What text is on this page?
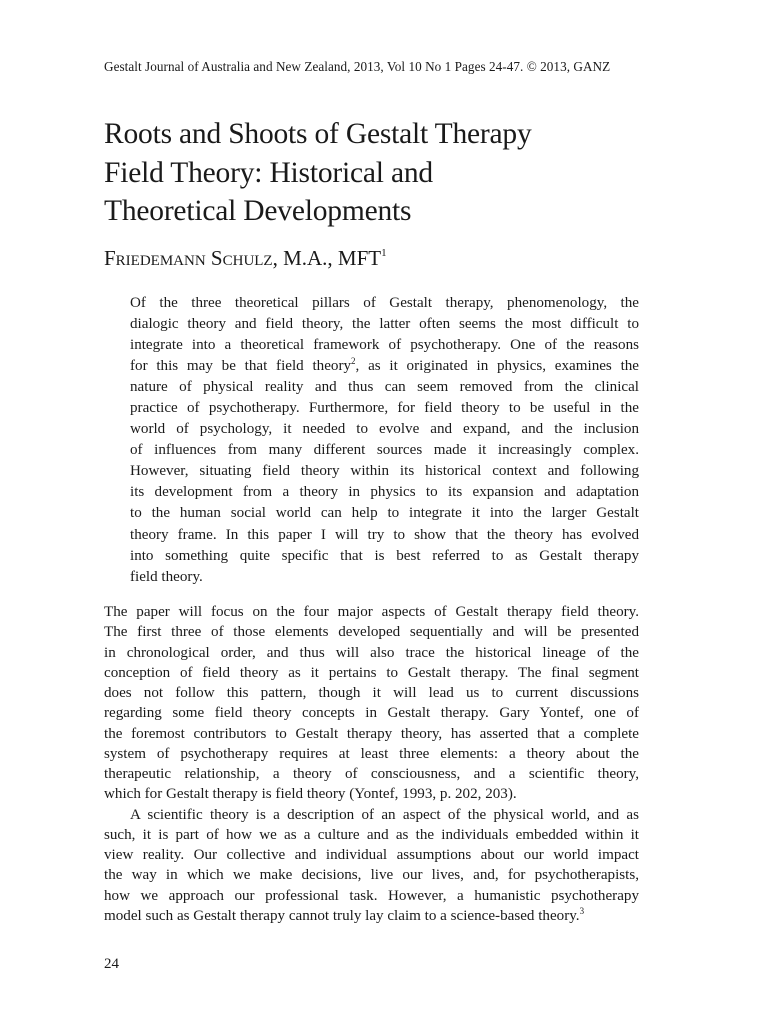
Gestalt Journal of Australia and New Zealand, 2013, Vol 10 No 1 Pages 24-47. © 2013, GANZ
Roots and Shoots of Gestalt Therapy
Field Theory: Historical and
Theoretical Developments
Friedemann Schulz, M.A., MFT$^1$
Of the three theoretical pillars of Gestalt therapy, phenomenology, the
dialogic theory and field theory, the latter often seems the most difficult to
integrate into a theoretical framework of psychotherapy. One of the reasons
for this may be that field theory$^2$, as it originated in physics, examines the
nature of physical reality and thus can seem removed from the clinical
practice of psychotherapy. Furthermore, for field theory to be useful in the
world of psychology, it needed to evolve and expand, and the inclusion
of influences from many different sources made it increasingly complex.
However, situating field theory within its historical context and following
its development from a theory in physics to its expansion and adaptation
to the human social world can help to integrate it into the larger Gestalt
theory frame. In this paper I will try to show that the theory has evolved
into something quite specific that is best referred to as Gestalt therapy
field theory.
The paper will focus on the four major aspects of Gestalt therapy field theory.
The first three of those elements developed sequentially and will be presented
in chronological order, and thus will also trace the historical lineage of the
conception of field theory as it pertains to Gestalt therapy. The final segment
does not follow this pattern, though it will lead us to current discussions
regarding some field theory concepts in Gestalt therapy. Gary Yontef, one of
the foremost contributors to Gestalt therapy theory, has asserted that a complete
system of psychotherapy requires at least three elements: a theory about the
therapeutic relationship, a theory of consciousness, and a scientific theory,
which for Gestalt therapy is field theory (Yontef, 1993, p. 202, 203).
A scientific theory is a description of an aspect of the physical world, and as
such, it is part of how we as a culture and as the individuals embedded within it
view reality. Our collective and individual assumptions about our world impact
the way in which we make decisions, live our lives, and, for psychotherapists,
how we approach our professional task. However, a humanistic psychotherapy
model such as Gestalt therapy cannot truly lay claim to a science-based theory.$^3$
24
